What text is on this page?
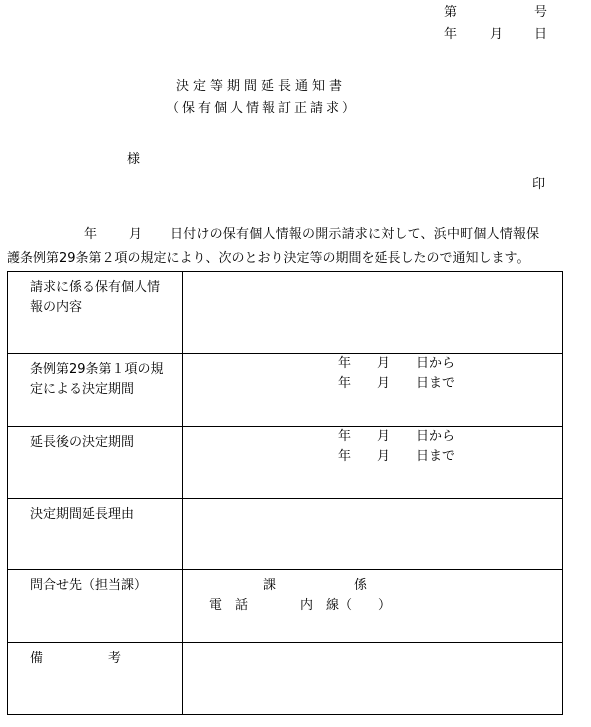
第	号
年	月 日
決定等期間延長通知書
（保有個人情報訂正請求）
様
印
年 月 日付けの保有個人情報の開示請求に対して、浜中町個人情報保
護条例第29条第２項の規定により、次のとおり決定等の期間を延長したので通知します。
請求に係る保有個人情
報の内容	

条例第29条第１項の規
定による決定期間	年　　月　　日から
年　　月　　日まで

延長後の決定期間	年　　月　　日から
年　　月　　日まで

決定期間延長理由	

問合せ先（担当課）	課　　　　　　係
電　話　　　　内　線（　　）

備　　　　　考	
